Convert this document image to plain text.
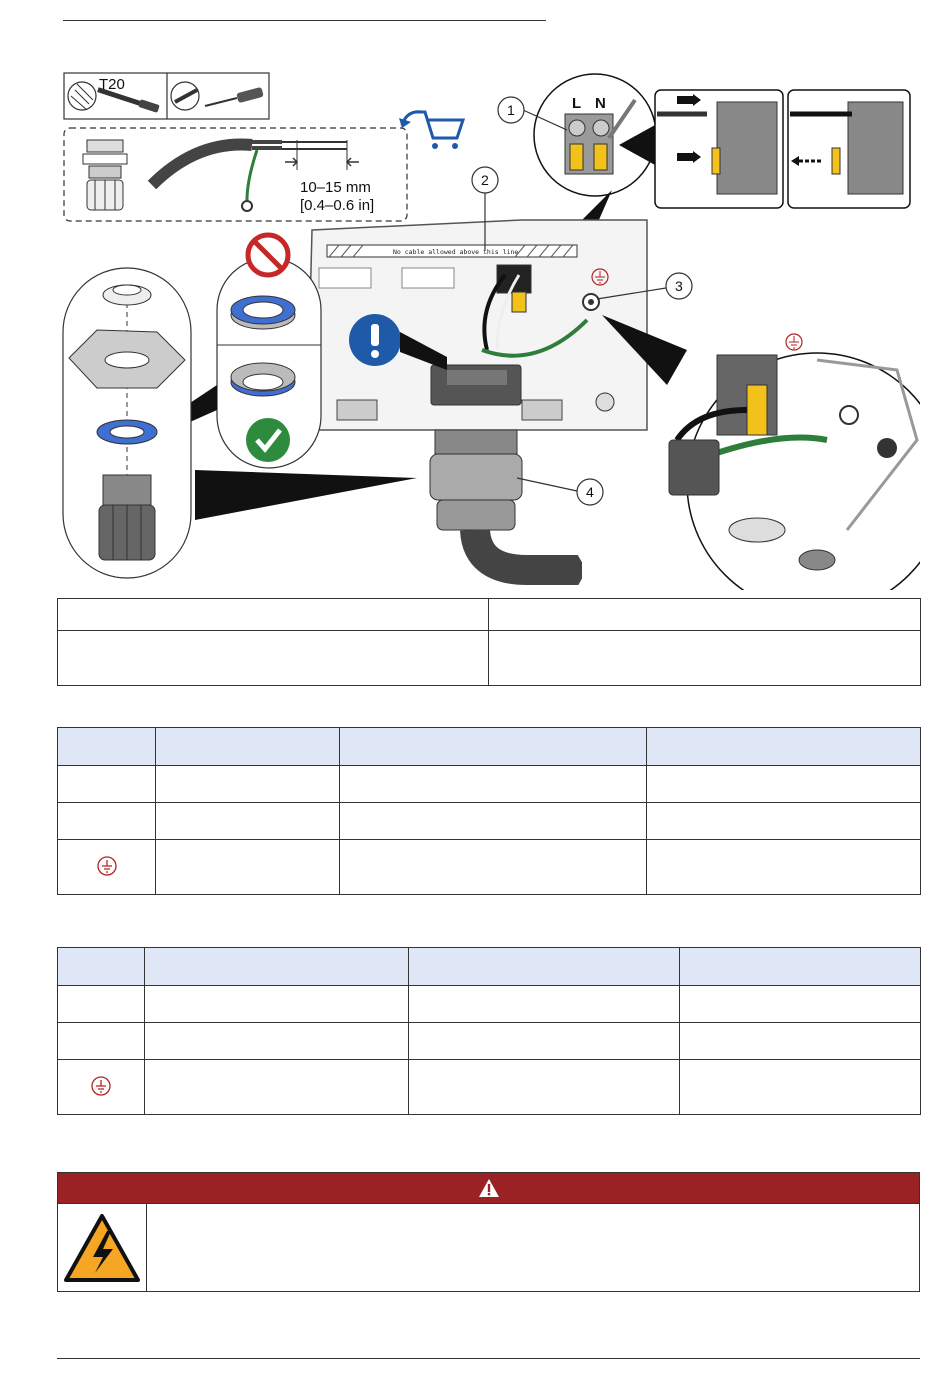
T20
10–15 mm
[0.4–0.6 in]
L N
No cable allowed above this line
1
2
3
4
